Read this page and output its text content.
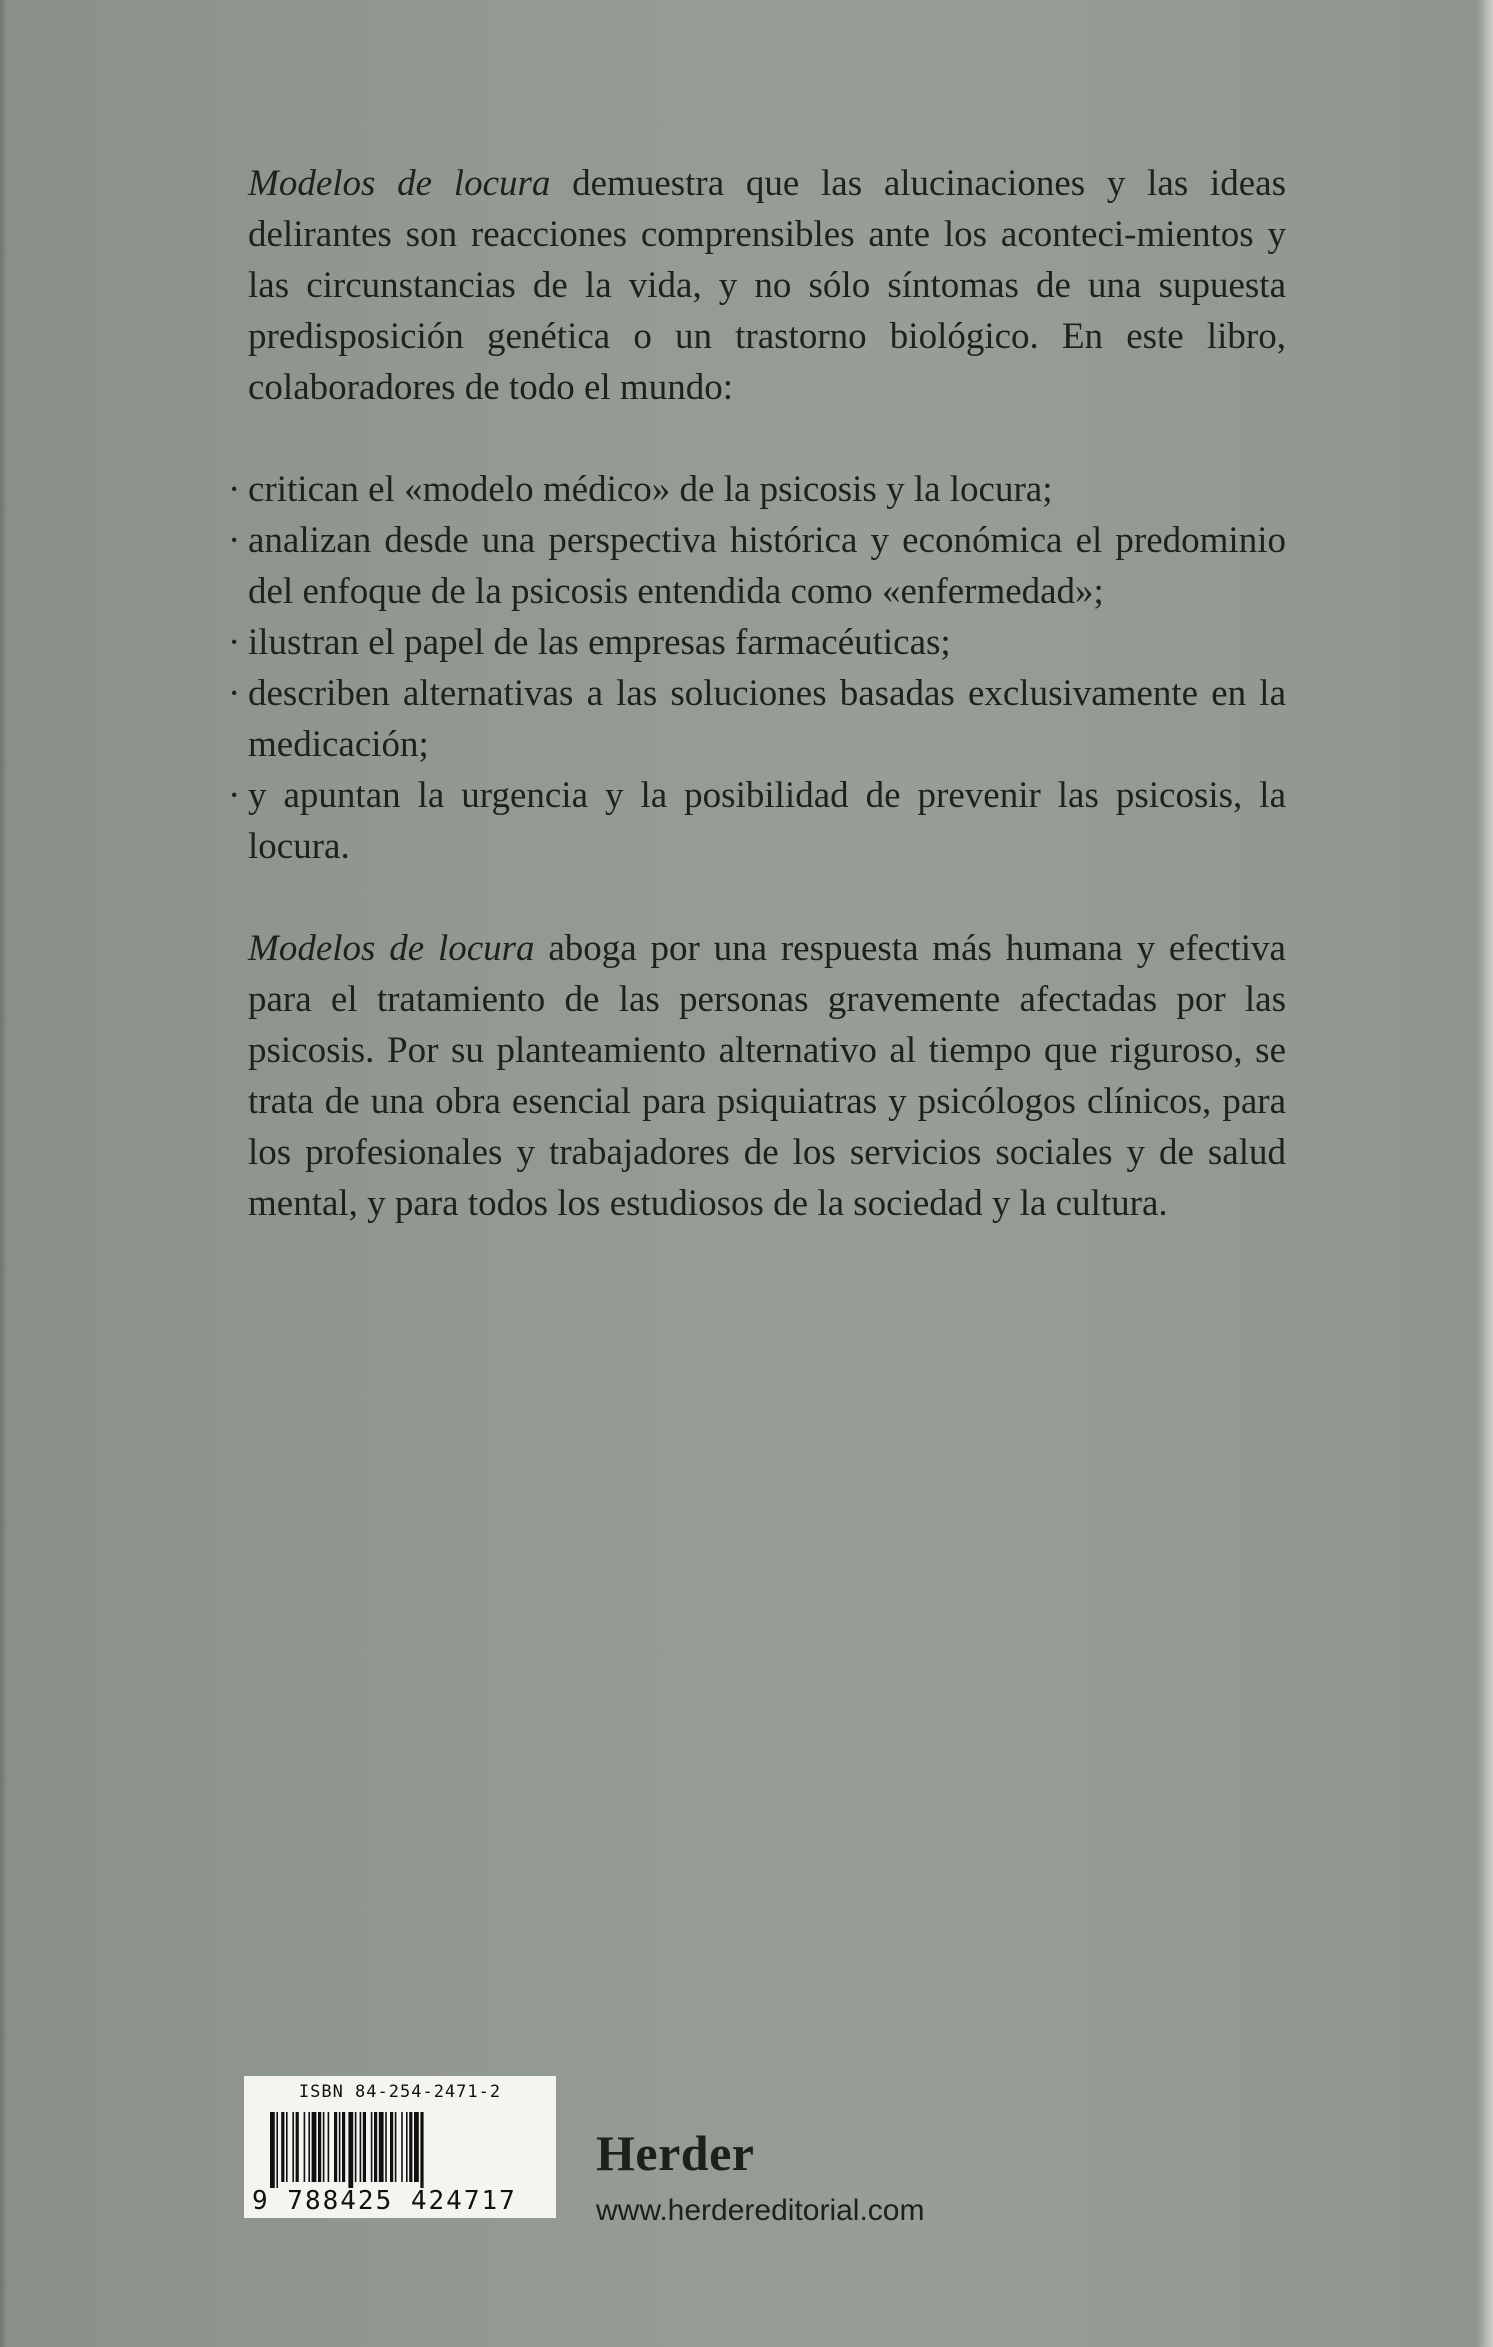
Modelos de locura demuestra que las alucinaciones y las ideas delirantes son reacciones comprensibles ante los aconteci-mientos y las circunstancias de la vida, y no sólo síntomas de una supuesta predisposición genética o un trastorno biológico. En este libro, colaboradores de todo el mundo:

· critican el «modelo médico» de la psicosis y la locura;
· analizan desde una perspectiva histórica y económica el predominio del enfoque de la psicosis entendida como «enfermedad»;
· ilustran el papel de las empresas farmacéuticas;
· describen alternativas a las soluciones basadas exclusivamente en la medicación;
· y apuntan la urgencia y la posibilidad de prevenir las psicosis, la locura.

Modelos de locura aboga por una respuesta más humana y efectiva para el tratamiento de las personas gravemente afectadas por las psicosis. Por su planteamiento alternativo al tiempo que riguroso, se trata de una obra esencial para psiquiatras y psicólogos clínicos, para los profesionales y trabajadores de los servicios sociales y de salud mental, y para todos los estudiosos de la sociedad y la cultura.

ISBN 84-254-2471-2
9 788425 424717
Herder
www.herdereditorial.com
